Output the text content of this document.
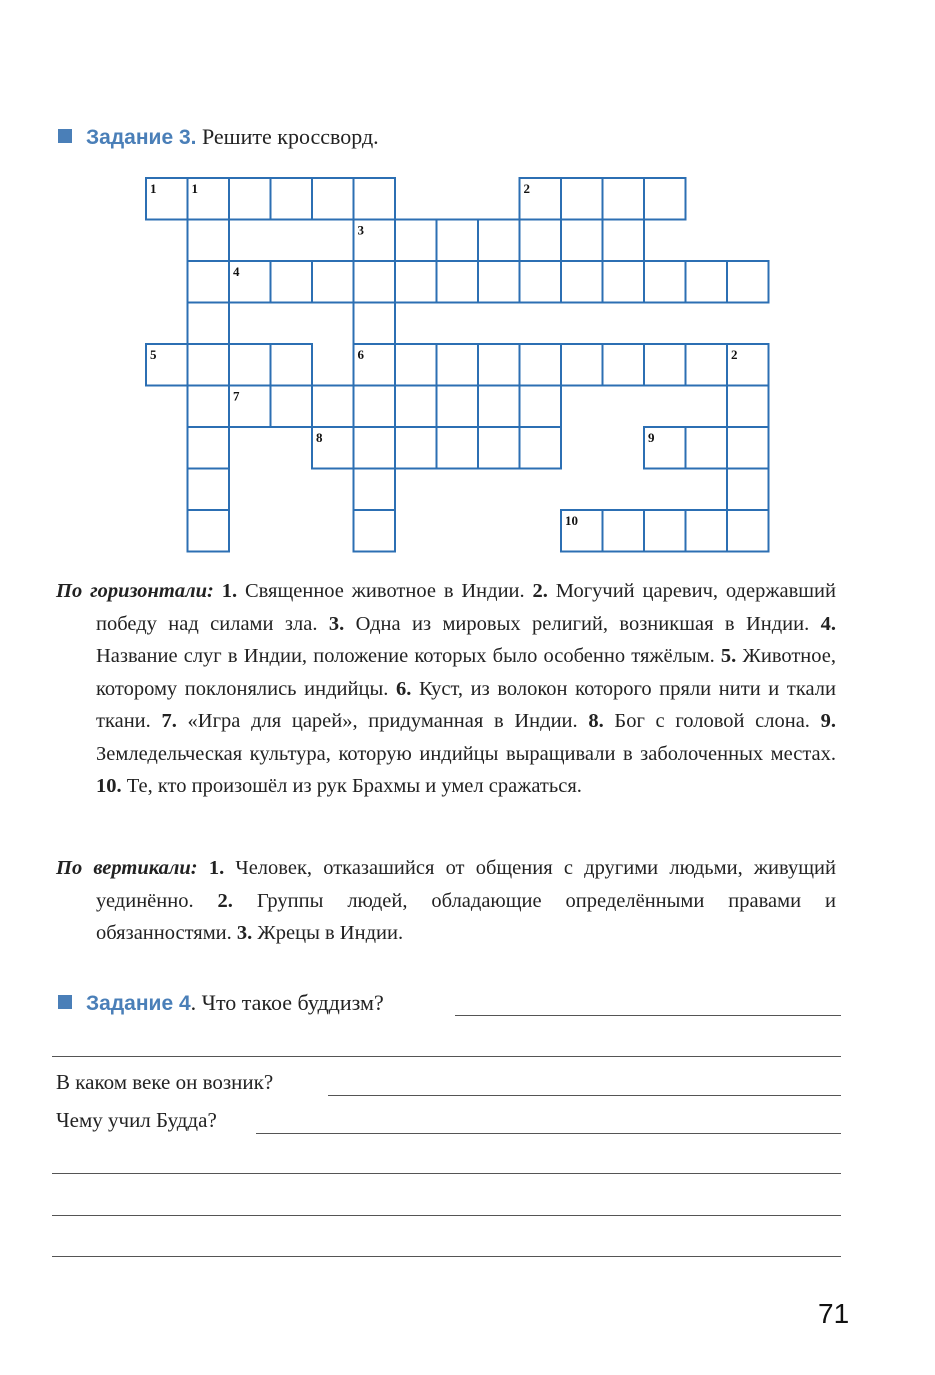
Задание 3. Решите кроссворд.
1	1	2
3
4
5	6	2
7
8	9
10
По горизонтали: 1. Священное животное в Индии. 2. Могучий царевич, одержавший победу над силами зла. 3. Одна из мировых религий, возникшая в Индии. 4. Название слуг в Индии, положение которых было особенно тяжёлым. 5. Животное, которому поклонялись индийцы. 6. Куст, из волокон которого пряли нити и ткали ткани. 7. «Игра для царей», придуманная в Индии. 8. Бог с головой слона. 9. Земледельческая культура, которую индийцы выращивали в заболоченных местах. 10. Те, кто произошёл из рук Брахмы и умел сражаться.
По вертикали: 1. Человек, отказашийся от общения с другими людьми, живущий уединённо. 2. Группы людей, обладающие определёнными правами и обязанностями. 3. Жрецы в Индии.
Задание 4. Что такое буддизм?
В каком веке он возник?
Чему учил Будда?
71
